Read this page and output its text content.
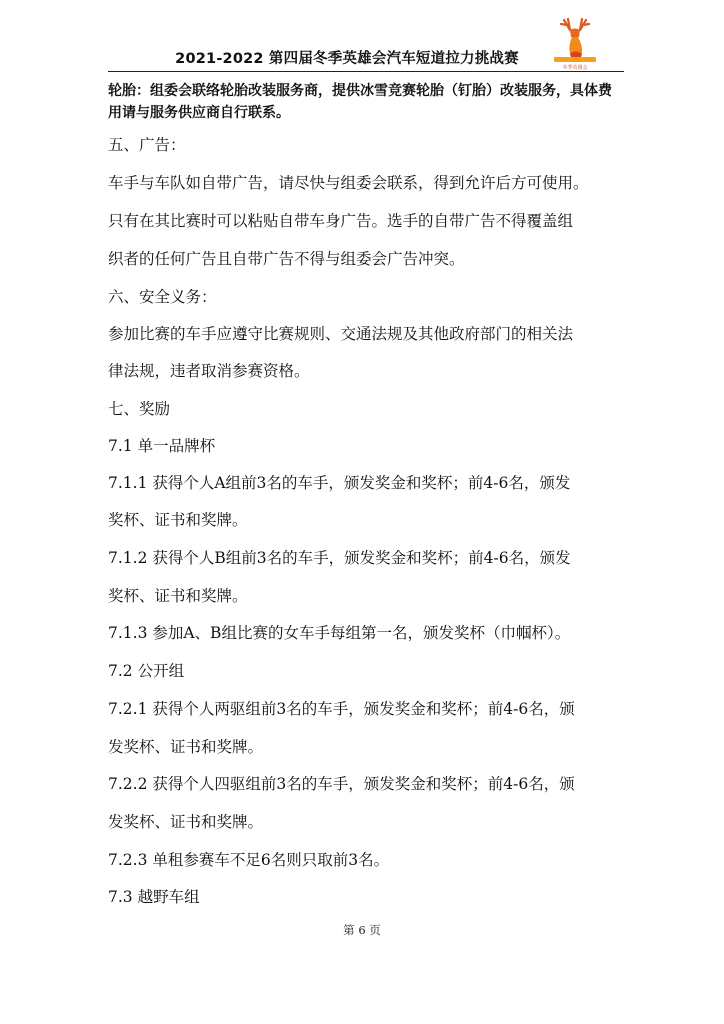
2021-2022 第四届冬季英雄会汽车短道拉力挑战赛
冬季英雄会
轮胎：组委会联络轮胎改装服务商，提供冰雪竞赛轮胎（钉胎）改装服务，具体费用请与服务供应商自行联系。
五、广告：
车手与车队如自带广告，请尽快与组委会联系，得到允许后方可使用。
只有在其比赛时可以粘贴自带车身广告。选手的自带广告不得覆盖组
织者的任何广告且自带广告不得与组委会广告冲突。
六、安全义务：
参加比赛的车手应遵守比赛规则、交通法规及其他政府部门的相关法
律法规，违者取消参赛资格。
七、奖励
7.1 单一品牌杯
7.1.1 获得个人A组前3名的车手，颁发奖金和奖杯；前4-6名，颁发
奖杯、证书和奖牌。
7.1.2 获得个人B组前3名的车手，颁发奖金和奖杯；前4-6名，颁发
奖杯、证书和奖牌。
7.1.3 参加A、B组比赛的女车手每组第一名，颁发奖杯（巾帼杯）。
7.2 公开组
7.2.1 获得个人两驱组前3名的车手，颁发奖金和奖杯；前4-6名，颁
发奖杯、证书和奖牌。
7.2.2 获得个人四驱组前3名的车手，颁发奖金和奖杯；前4-6名，颁
发奖杯、证书和奖牌。
7.2.3 单租参赛车不足6名则只取前3名。
7.3 越野车组
第 6 页
